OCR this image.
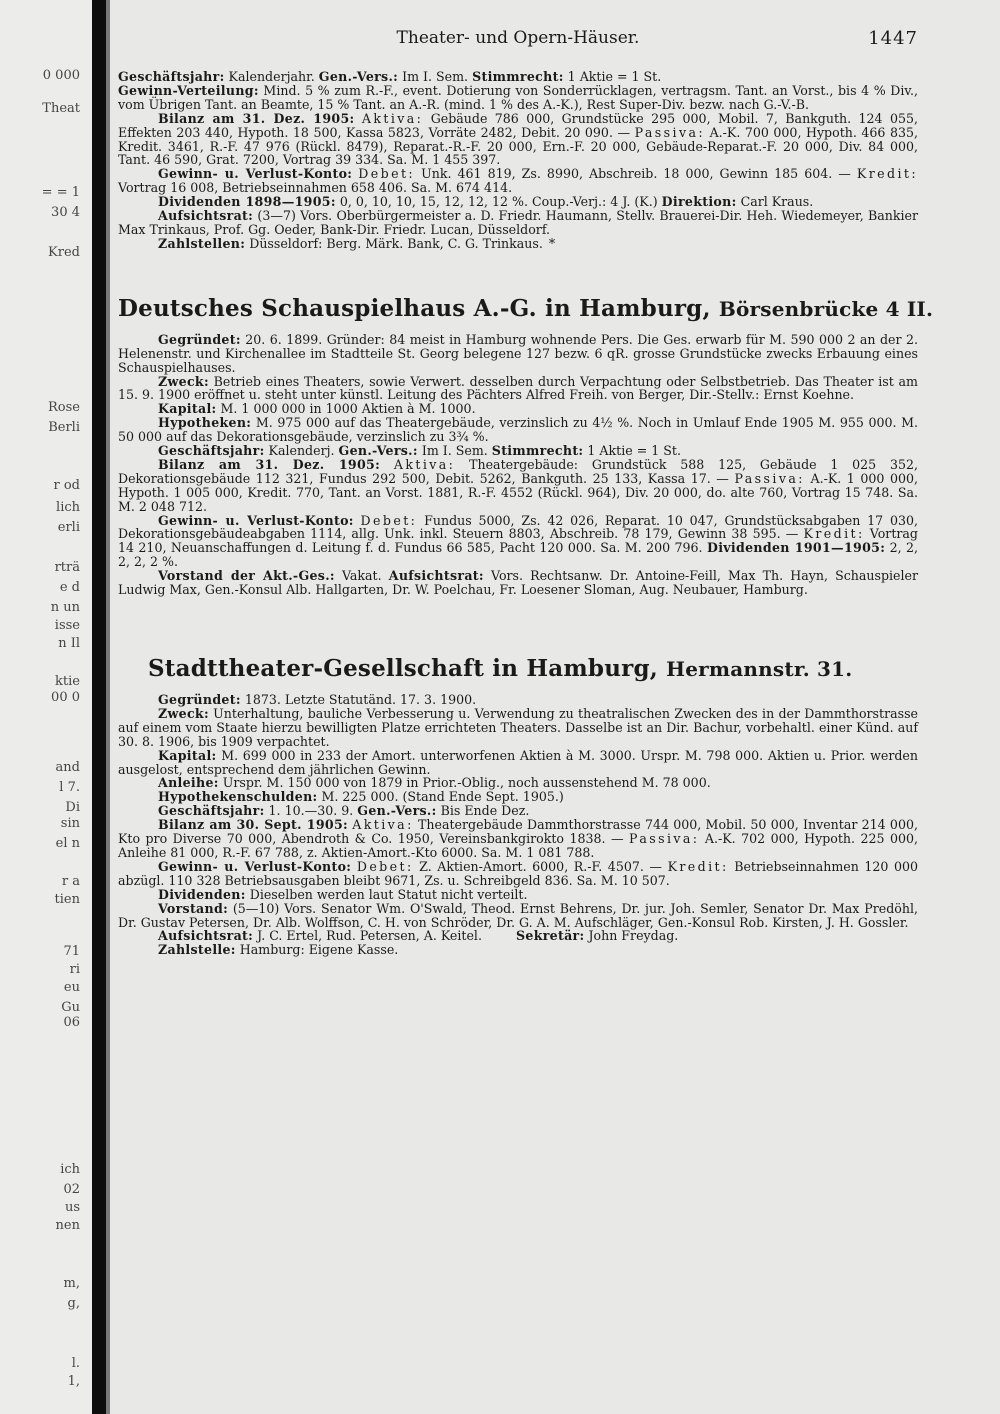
0 000
Theat
= = 1
30 4
Kred
Rose
Berli
r od
lich
erli
rträ
e d
n un
isse
n Il
ktie
00 0
and
l 7.
Di
sin
el n
r a
tien
71
ri
eu
Gu
06
ich
02
us
nen
m,
g,
l.
1,
Theater- und Opern-Häuser.	1447

Geschäftsjahr: Kalenderjahr. Gen.-Vers.: Im I. Sem. Stimmrecht: 1 Aktie = 1 St.

Gewinn-Verteilung: Mind. 5 % zum R.-F., event. Dotierung von Sonderrücklagen, vertragsm. Tant. an Vorst., bis 4 % Div., vom Übrigen Tant. an Beamte, 15 % Tant. an A.-R. (mind. 1 % des A.-K.), Rest Super-Div. bezw. nach G.-V.-B.

Bilanz am 31. Dez. 1905: Aktiva: Gebäude 786 000, Grundstücke 295 000, Mobil. 7, Bankguth. 124 055, Effekten 203 440, Hypoth. 18 500, Kassa 5823, Vorräte 2482, Debit. 20 090. — Passiva: A.-K. 700 000, Hypoth. 466 835, Kredit. 3461, R.-F. 47 976 (Rückl. 8479), Reparat.-R.-F. 20 000, Ern.-F. 20 000, Gebäude-Reparat.-F. 20 000, Div. 84 000, Tant. 46 590, Grat. 7200, Vortrag 39 334. Sa. M. 1 455 397.

Gewinn- u. Verlust-Konto: Debet: Unk. 461 819, Zs. 8990, Abschreib. 18 000, Gewinn 185 604. — Kredit: Vortrag 16 008, Betriebseinnahmen 658 406. Sa. M. 674 414.

Dividenden 1898—1905: 0, 0, 10, 10, 15, 12, 12, 12 %. Coup.-Verj.: 4 J. (K.) Direktion: Carl Kraus.

Aufsichtsrat: (3—7) Vors. Oberbürgermeister a. D. Friedr. Haumann, Stellv. Brauerei-Dir. Heh. Wiedemeyer, Bankier Max Trinkaus, Prof. Gg. Oeder, Bank-Dir. Friedr. Lucan, Düsseldorf.

Zahlstellen: Düsseldorf: Berg. Märk. Bank, C. G. Trinkaus. *

Deutsches Schauspielhaus A.-G. in Hamburg, Börsenbrücke 4 II.

Gegründet: 20. 6. 1899. Gründer: 84 meist in Hamburg wohnende Pers. Die Ges. erwarb für M. 590 000 2 an der 2. Helenenstr. und Kirchenallee im Stadtteile St. Georg belegene 127 bezw. 6 qR. grosse Grundstücke zwecks Erbauung eines Schauspielhauses.

Zweck: Betrieb eines Theaters, sowie Verwert. desselben durch Verpachtung oder Selbstbetrieb. Das Theater ist am 15. 9. 1900 eröffnet u. steht unter künstl. Leitung des Pächters Alfred Freih. von Berger, Dir.-Stellv.: Ernst Koehne.

Kapital: M. 1 000 000 in 1000 Aktien à M. 1000.

Hypotheken: M. 975 000 auf das Theatergebäude, verzinslich zu 4½ %. Noch in Umlauf Ende 1905 M. 955 000. M. 50 000 auf das Dekorationsgebäude, verzinslich zu 3¾ %.

Geschäftsjahr: Kalenderj. Gen.-Vers.: Im I. Sem. Stimmrecht: 1 Aktie = 1 St.

Bilanz am 31. Dez. 1905: Aktiva: Theatergebäude: Grundstück 588 125, Gebäude 1 025 352, Dekorationsgebäude 112 321, Fundus 292 500, Debit. 5262, Bankguth. 25 133, Kassa 17. — Passiva: A.-K. 1 000 000, Hypoth. 1 005 000, Kredit. 770, Tant. an Vorst. 1881, R.-F. 4552 (Rückl. 964), Div. 20 000, do. alte 760, Vortrag 15 748. Sa. M. 2 048 712.

Gewinn- u. Verlust-Konto: Debet: Fundus 5000, Zs. 42 026, Reparat. 10 047, Grundstücksabgaben 17 030, Dekorationsgebäudeabgaben 1114, allg. Unk. inkl. Steuern 8803, Abschreib. 78 179, Gewinn 38 595. — Kredit: Vortrag 14 210, Neuanschaffungen d. Leitung f. d. Fundus 66 585, Pacht 120 000. Sa. M. 200 796. Dividenden 1901—1905: 2, 2, 2, 2, 2 %.

Vorstand der Akt.-Ges.: Vakat. Aufsichtsrat: Vors. Rechtsanw. Dr. Antoine-Feill, Max Th. Hayn, Schauspieler Ludwig Max, Gen.-Konsul Alb. Hallgarten, Dr. W. Poelchau, Fr. Loesener Sloman, Aug. Neubauer, Hamburg.

Stadttheater-Gesellschaft in Hamburg, Hermannstr. 31.

Gegründet: 1873. Letzte Statutänd. 17. 3. 1900.

Zweck: Unterhaltung, bauliche Verbesserung u. Verwendung zu theatralischen Zwecken des in der Dammthorstrasse auf einem vom Staate hierzu bewilligten Platze errichteten Theaters. Dasselbe ist an Dir. Bachur, vorbehaltl. einer Künd. auf 30. 8. 1906, bis 1909 verpachtet.

Kapital: M. 699 000 in 233 der Amort. unterworfenen Aktien à M. 3000. Urspr. M. 798 000. Aktien u. Prior. werden ausgelost, entsprechend dem jährlichen Gewinn.

Anleihe: Urspr. M. 150 000 von 1879 in Prior.-Oblig., noch aussenstehend M. 78 000.

Hypothekenschulden: M. 225 000. (Stand Ende Sept. 1905.)

Geschäftsjahr: 1. 10.—30. 9. Gen.-Vers.: Bis Ende Dez.

Bilanz am 30. Sept. 1905: Aktiva: Theatergebäude Dammthorstrasse 744 000, Mobil. 50 000, Inventar 214 000, Kto pro Diverse 70 000, Abendroth & Co. 1950, Vereinsbankgirokto 1838. — Passiva: A.-K. 702 000, Hypoth. 225 000, Anleihe 81 000, R.-F. 67 788, z. Aktien-Amort.-Kto 6000. Sa. M. 1 081 788.

Gewinn- u. Verlust-Konto: Debet: Z. Aktien-Amort. 6000, R.-F. 4507. — Kredit: Betriebseinnahmen 120 000 abzügl. 110 328 Betriebsausgaben bleibt 9671, Zs. u. Schreibgeld 836. Sa. M. 10 507.

Dividenden: Dieselben werden laut Statut nicht verteilt.

Vorstand: (5—10) Vors. Senator Wm. O'Swald, Theod. Ernst Behrens, Dr. jur. Joh. Semler, Senator Dr. Max Predöhl, Dr. Gustav Petersen, Dr. Alb. Wolffson, C. H. von Schröder, Dr. G. A. M. Aufschläger, Gen.-Konsul Rob. Kirsten, J. H. Gossler.

Aufsichtsrat: J. C. Ertel, Rud. Petersen, A. Keitel.	Sekretär: John Freydag.

Zahlstelle: Hamburg: Eigene Kasse.
